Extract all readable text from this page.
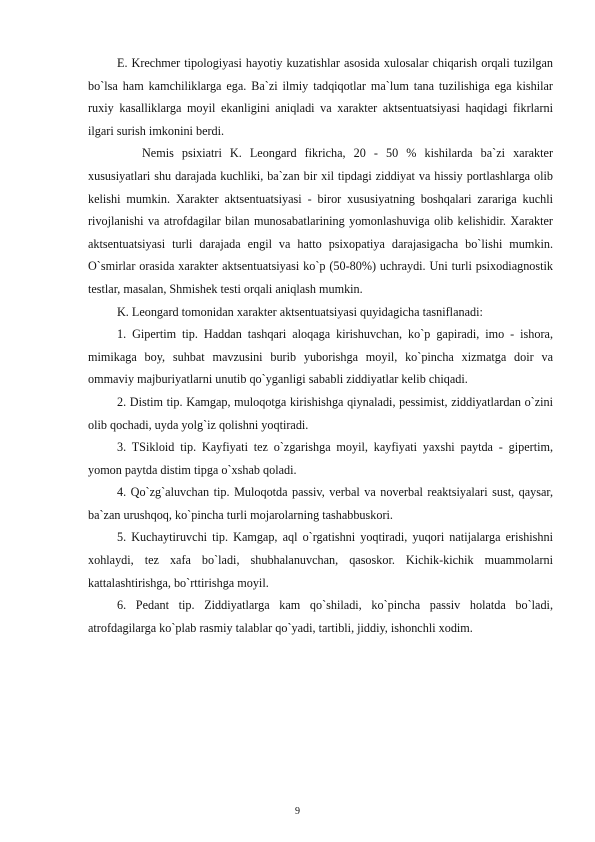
E. Krechmer tipologiyasi hayotiy kuzatishlar asosida xulosalar chiqarish orqali tuzilgan bo`lsa ham kamchiliklarga ega. Ba`zi ilmiy tadqiqotlar ma`lum tana tuzilishiga ega kishilar ruxiy kasalliklarga moyil ekanligini aniqladi va xarakter aktsentuatsiyasi haqidagi fikrlarni ilgari surish imkonini berdi.

Nemis psixiatri K. Leongard fikricha, 20 - 50 % kishilarda ba`zi xarakter xususiyatlari shu darajada kuchliki, ba`zan bir xil tipdagi ziddiyat va hissiy portlashlarga olib kelishi mumkin. Xarakter aktsentuatsiyasi - biror xususiyatning boshqalari zarariga kuchli rivojlanishi va atrofdagilar bilan munosabatlarining yomonlashuviga olib kelishidir. Xarakter aktsentuatsiyasi turli darajada engil va hatto psixopatiya darajasigacha bo`lishi mumkin. O`smirlar orasida xarakter aktsentuatsiyasi ko`p (50-80%) uchraydi. Uni turli psixodiagnostik testlar, masalan, Shmishek testi orqali aniqlash mumkin.

K. Leongard tomonidan xarakter aktsentuatsiyasi quyidagicha tasniflanadi:

1. Gipertim tip. Haddan tashqari aloqaga kirishuvchan, ko`p gapiradi, imo - ishora, mimikaga boy, suhbat mavzusini burib yuborishga moyil, ko`pincha xizmatga doir va ommaviy majburiyatlarni unutib qo`yganligi sababli ziddiyatlar kelib chiqadi.

2. Distim tip. Kamgap, muloqotga kirishishga qiynaladi, pessimist, ziddiyatlardan o`zini olib qochadi, uyda yolg`iz qolishni yoqtiradi.

3. TSikloid tip. Kayfiyati tez o`zgarishga moyil, kayfiyati yaxshi paytda - gipertim, yomon paytda distim tipga o`xshab qoladi.

4. Qo`zg`aluvchan tip. Muloqotda passiv, verbal va noverbal reaktsiyalari sust, qaysar, ba`zan urushqoq, ko`pincha turli mojarolarning tashabbuskori.

5. Kuchaytiruvchi tip. Kamgap, aql o`rgatishni yoqtiradi, yuqori natijalarga erishishni xohlaydi, tez xafa bo`ladi, shubhalanuvchan, qasoskor. Kichik-kichik muammolarni kattalashtirishga, bo`rttirishga moyil.

6. Pedant tip. Ziddiyatlarga kam qo`shiladi, ko`pincha passiv holatda bo`ladi, atrofdagilarga ko`plab rasmiy talablar qo`yadi, tartibli, jiddiy, ishonchli xodim.

9
